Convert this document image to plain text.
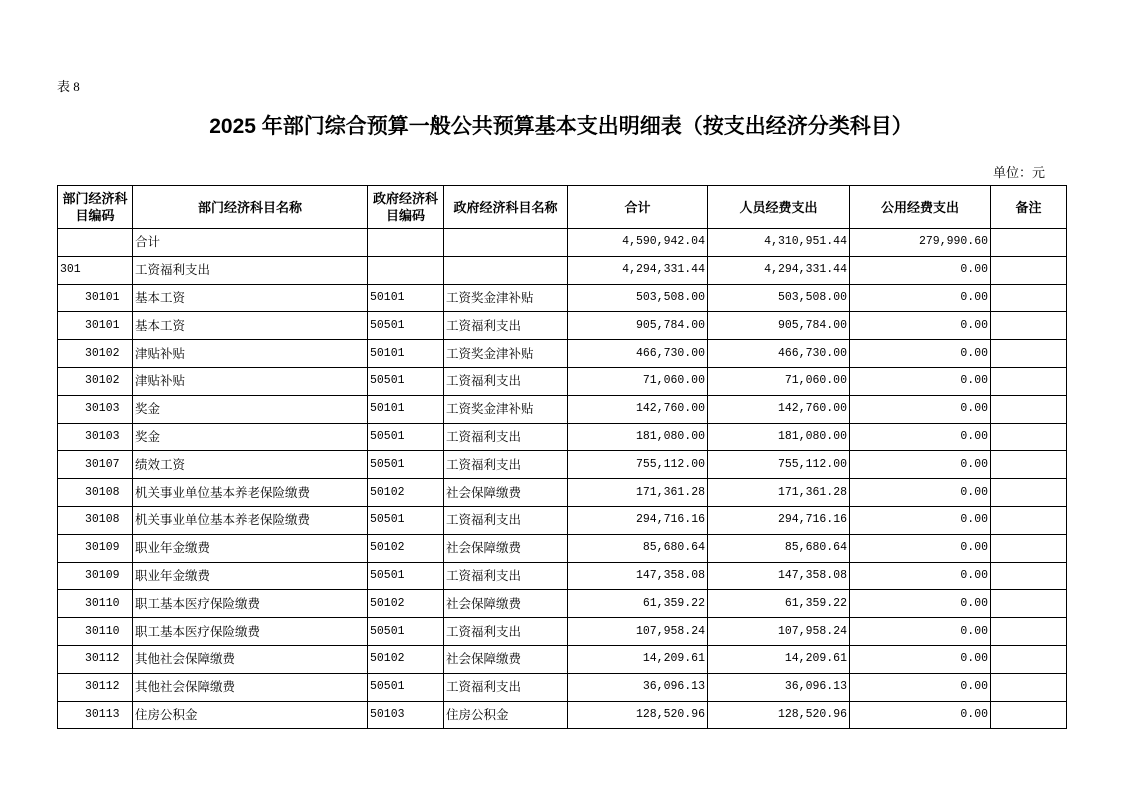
表 8
2025 年部门综合预算一般公共预算基本支出明细表（按支出经济分类科目）
单位：元
部门经济科目编码	部门经济科目名称	政府经济科目编码	政府经济科目名称	合计	人员经费支出	公用经费支出	备注
	合计			4,590,942.04	4,310,951.44	279,990.60	
301	工资福利支出			4,294,331.44	4,294,331.44	0.00	
30101	基本工资	50101	工资奖金津补贴	503,508.00	503,508.00	0.00	
30101	基本工资	50501	工资福利支出	905,784.00	905,784.00	0.00	
30102	津贴补贴	50101	工资奖金津补贴	466,730.00	466,730.00	0.00	
30102	津贴补贴	50501	工资福利支出	71,060.00	71,060.00	0.00	
30103	奖金	50101	工资奖金津补贴	142,760.00	142,760.00	0.00	
30103	奖金	50501	工资福利支出	181,080.00	181,080.00	0.00	
30107	绩效工资	50501	工资福利支出	755,112.00	755,112.00	0.00	
30108	机关事业单位基本养老保险缴费	50102	社会保障缴费	171,361.28	171,361.28	0.00	
30108	机关事业单位基本养老保险缴费	50501	工资福利支出	294,716.16	294,716.16	0.00	
30109	职业年金缴费	50102	社会保障缴费	85,680.64	85,680.64	0.00	
30109	职业年金缴费	50501	工资福利支出	147,358.08	147,358.08	0.00	
30110	职工基本医疗保险缴费	50102	社会保障缴费	61,359.22	61,359.22	0.00	
30110	职工基本医疗保险缴费	50501	工资福利支出	107,958.24	107,958.24	0.00	
30112	其他社会保障缴费	50102	社会保障缴费	14,209.61	14,209.61	0.00	
30112	其他社会保障缴费	50501	工资福利支出	36,096.13	36,096.13	0.00	
30113	住房公积金	50103	住房公积金	128,520.96	128,520.96	0.00	
